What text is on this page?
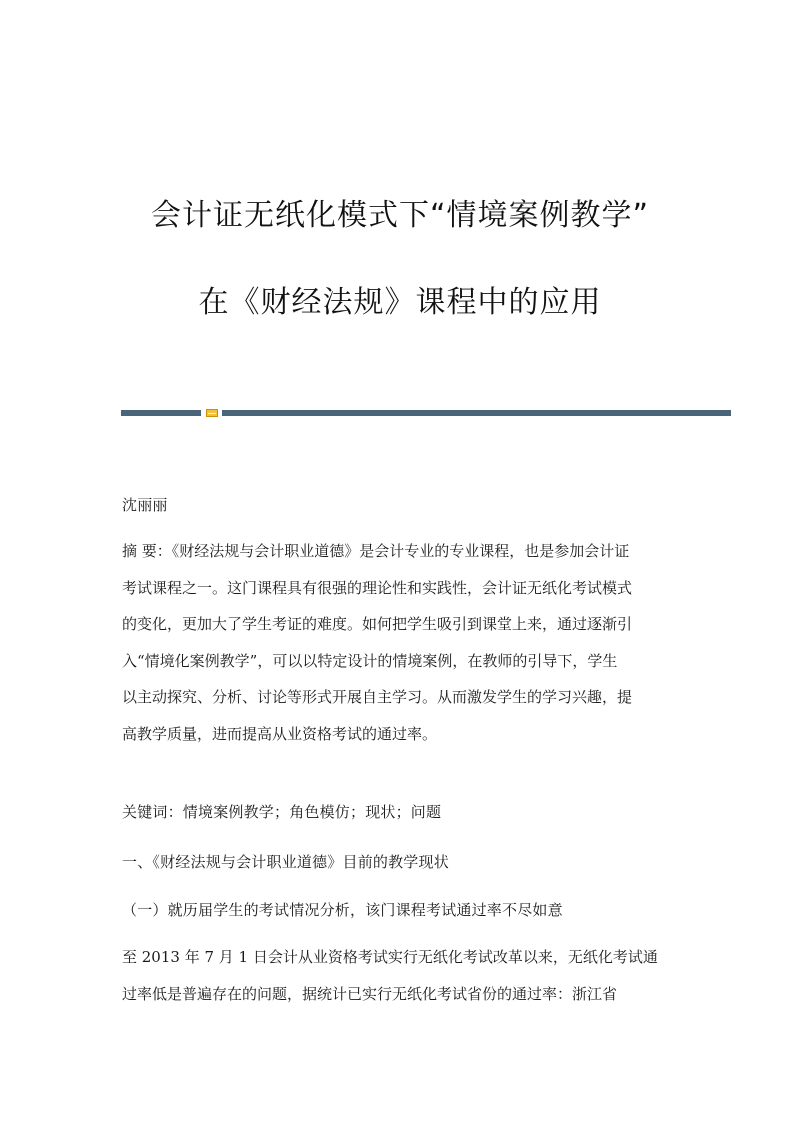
会计证无纸化模式下“情境案例教学”
在《财经法规》课程中的应用
沈丽丽
摘 要：《财经法规与会计职业道德》是会计专业的专业课程，也是参加会计证
考试课程之一。这门课程具有很强的理论性和实践性，会计证无纸化考试模式
的变化，更加大了学生考证的难度。如何把学生吸引到课堂上来，通过逐渐引
入“情境化案例教学”，可以以特定设计的情境案例，在教师的引导下，学生
以主动探究、分析、讨论等形式开展自主学习。从而激发学生的学习兴趣，提
高教学质量，进而提高从业资格考试的通过率。
关键词：情境案例教学；角色模仿；现状；问题
一、《财经法规与会计职业道德》目前的教学现状
（一）就历届学生的考试情况分析，该门课程考试通过率不尽如意
至 2013 年 7 月 1 日会计从业资格考试实行无纸化考试改革以来，无纸化考试通
过率低是普遍存在的问题，据统计已实行无纸化考试省份的通过率：浙江省
